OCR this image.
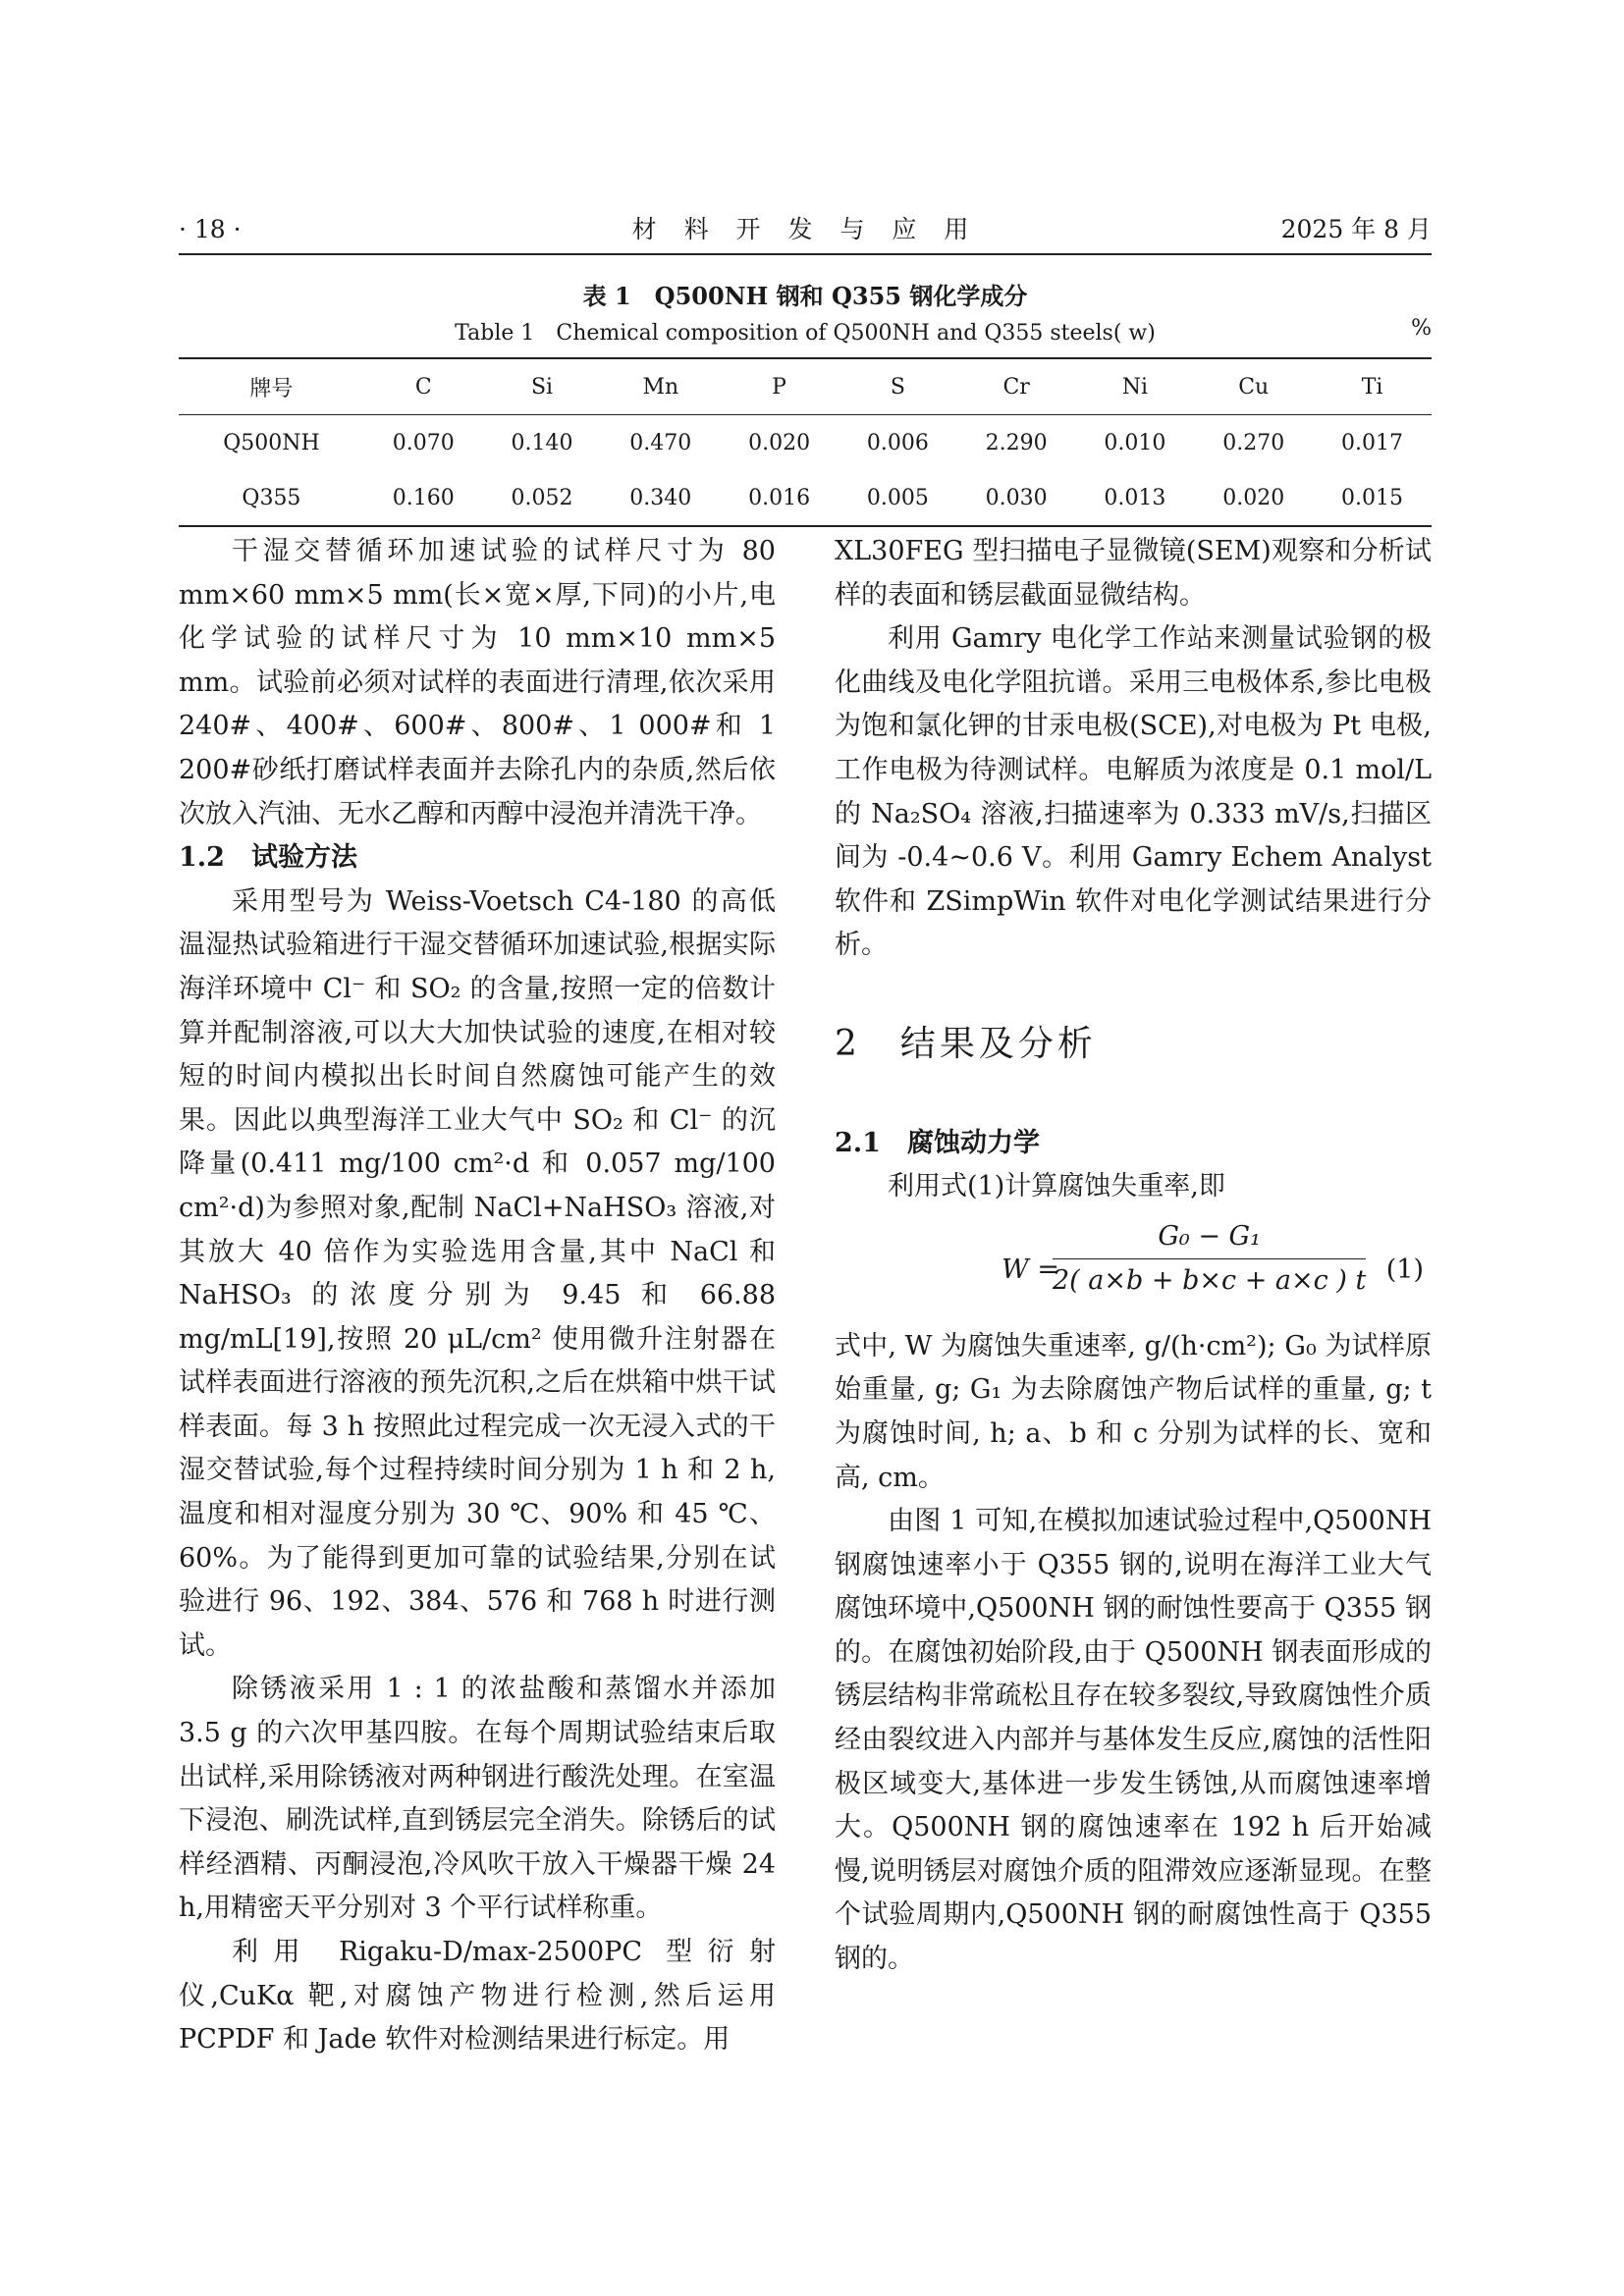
· 18 ·	材 料 开 发 与 应 用	2025 年 8 月
表 1　Q500NH 钢和 Q355 钢化学成分
Table 1　Chemical composition of Q500NH and Q355 steels( w)	%
牌号	C	Si	Mn	P	S	Cr	Ni	Cu	Ti
Q500NH	0.070	0.140	0.470	0.020	0.006	2.290	0.010	0.270	0.017
Q355	0.160	0.052	0.340	0.016	0.005	0.030	0.013	0.020	0.015

干湿交替循环加速试验的试样尺寸为 80 mm×60 mm×5 mm(长×宽×厚,下同)的小片,电化学试验的试样尺寸为 10 mm×10 mm×5 mm。试验前必须对试样的表面进行清理,依次采用 240#、400#、600#、800#、1 000#和 1 200#砂纸打磨试样表面并去除孔内的杂质,然后依次放入汽油、无水乙醇和丙醇中浸泡并清洗干净。

1.2　试验方法

采用型号为 Weiss-Voetsch C4-180 的高低温湿热试验箱进行干湿交替循环加速试验,根据实际海洋环境中 Cl⁻ 和 SO₂ 的含量,按照一定的倍数计算并配制溶液,可以大大加快试验的速度,在相对较短的时间内模拟出长时间自然腐蚀可能产生的效果。因此以典型海洋工业大气中 SO₂ 和 Cl⁻ 的沉降量(0.411 mg/100 cm²·d 和 0.057 mg/100 cm²·d)为参照对象,配制 NaCl+NaHSO₃ 溶液,对其放大 40 倍作为实验选用含量,其中 NaCl 和 NaHSO₃ 的浓度分别为 9.45 和 66.88 mg/mL[19],按照 20 μL/cm² 使用微升注射器在试样表面进行溶液的预先沉积,之后在烘箱中烘干试样表面。每 3 h 按照此过程完成一次无浸入式的干湿交替试验,每个过程持续时间分别为 1 h 和 2 h,温度和相对湿度分别为 30 ℃、90% 和 45 ℃、60%。为了能得到更加可靠的试验结果,分别在试验进行 96、192、384、576 和 768 h 时进行测试。

除锈液采用 1 : 1 的浓盐酸和蒸馏水并添加 3.5 g 的六次甲基四胺。在每个周期试验结束后取出试样,采用除锈液对两种钢进行酸洗处理。在室温下浸泡、刷洗试样,直到锈层完全消失。除锈后的试样经酒精、丙酮浸泡,冷风吹干放入干燥器干燥 24 h,用精密天平分别对 3 个平行试样称重。

利用 Rigaku-D/max-2500PC 型衍射仪,CuKα 靶,对腐蚀产物进行检测,然后运用 PCPDF 和 Jade 软件对检测结果进行标定。用

XL30FEG 型扫描电子显微镜(SEM)观察和分析试样的表面和锈层截面显微结构。

利用 Gamry 电化学工作站来测量试验钢的极化曲线及电化学阻抗谱。采用三电极体系,参比电极为饱和氯化钾的甘汞电极(SCE),对电极为 Pt 电极,工作电极为待测试样。电解质为浓度是 0.1 mol/L 的 Na₂SO₄ 溶液,扫描速率为 0.333 mV/s,扫描区间为 -0.4~0.6 V。利用 Gamry Echem Analyst 软件和 ZSimpWin 软件对电化学测试结果进行分析。

2　结果及分析

2.1　腐蚀动力学

利用式(1)计算腐蚀失重率,即

W =
$\frac{\text{G₀ − G₁}}{2( a\times b + b\times c + a\times c ) t} (1)$

式中, W 为腐蚀失重速率, g/(h·cm²); G₀ 为试样原始重量, g; G₁ 为去除腐蚀产物后试样的重量, g; t 为腐蚀时间, h; a、b 和 c 分别为试样的长、宽和高, cm。

由图 1 可知,在模拟加速试验过程中,Q500NH 钢腐蚀速率小于 Q355 钢的,说明在海洋工业大气腐蚀环境中,Q500NH 钢的耐蚀性要高于 Q355 钢的。在腐蚀初始阶段,由于 Q500NH 钢表面形成的锈层结构非常疏松且存在较多裂纹,导致腐蚀性介质经由裂纹进入内部并与基体发生反应,腐蚀的活性阳极区域变大,基体进一步发生锈蚀,从而腐蚀速率增大。Q500NH 钢的腐蚀速率在 192 h 后开始减慢,说明锈层对腐蚀介质的阻滞效应逐渐显现。在整个试验周期内,Q500NH 钢的耐腐蚀性高于 Q355 钢的。
